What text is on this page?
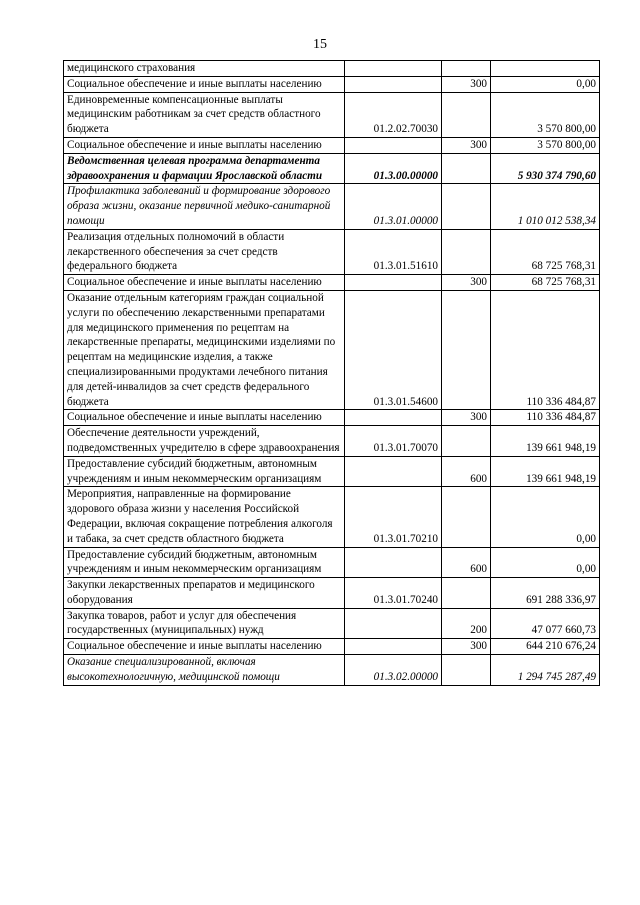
15
медицинского страхования			
Социальное обеспечение и иные выплаты населению		300	0,00
Единовременные компенсационные выплаты медицинским работникам за счет средств областного бюджета	01.2.02.70030		3 570 800,00
Социальное обеспечение и иные выплаты населению		300	3 570 800,00
Ведомственная целевая программа департамента здравоохранения и фармации Ярославской области	01.3.00.00000		5 930 374 790,60
Профилактика заболеваний и формирование здорового образа жизни, оказание первичной медико-санитарной помощи	01.3.01.00000		1 010 012 538,34
Реализация отдельных полномочий в области лекарственного обеспечения за счет средств федерального бюджета	01.3.01.51610		68 725 768,31
Социальное обеспечение и иные выплаты населению		300	68 725 768,31
Оказание отдельным категориям граждан социальной услуги по обеспечению лекарственными препаратами для медицинского применения по рецептам на лекарственные препараты, медицинскими изделиями по рецептам на медицинские изделия, а также специализированными продуктами лечебного питания для детей-инвалидов за счет средств федерального бюджета	01.3.01.54600		110 336 484,87
Социальное обеспечение и иные выплаты населению		300	110 336 484,87
Обеспечение деятельности учреждений, подведомственных учредителю в сфере здравоохранения	01.3.01.70070		139 661 948,19
Предоставление субсидий бюджетным, автономным учреждениям и иным некоммерческим организациям		600	139 661 948,19
Мероприятия, направленные на формирование здорового образа жизни у населения Российской Федерации, включая сокращение потребления алкоголя и табака, за счет средств областного бюджета	01.3.01.70210		0,00
Предоставление субсидий бюджетным, автономным учреждениям и иным некоммерческим организациям		600	0,00
Закупки лекарственных препаратов и медицинского оборудования	01.3.01.70240		691 288 336,97
Закупка товаров, работ и услуг для обеспечения государственных (муниципальных) нужд		200	47 077 660,73
Социальное обеспечение и иные выплаты населению		300	644 210 676,24
Оказание специализированной, включая высокотехнологичную, медицинской помощи	01.3.02.00000		1 294 745 287,49
